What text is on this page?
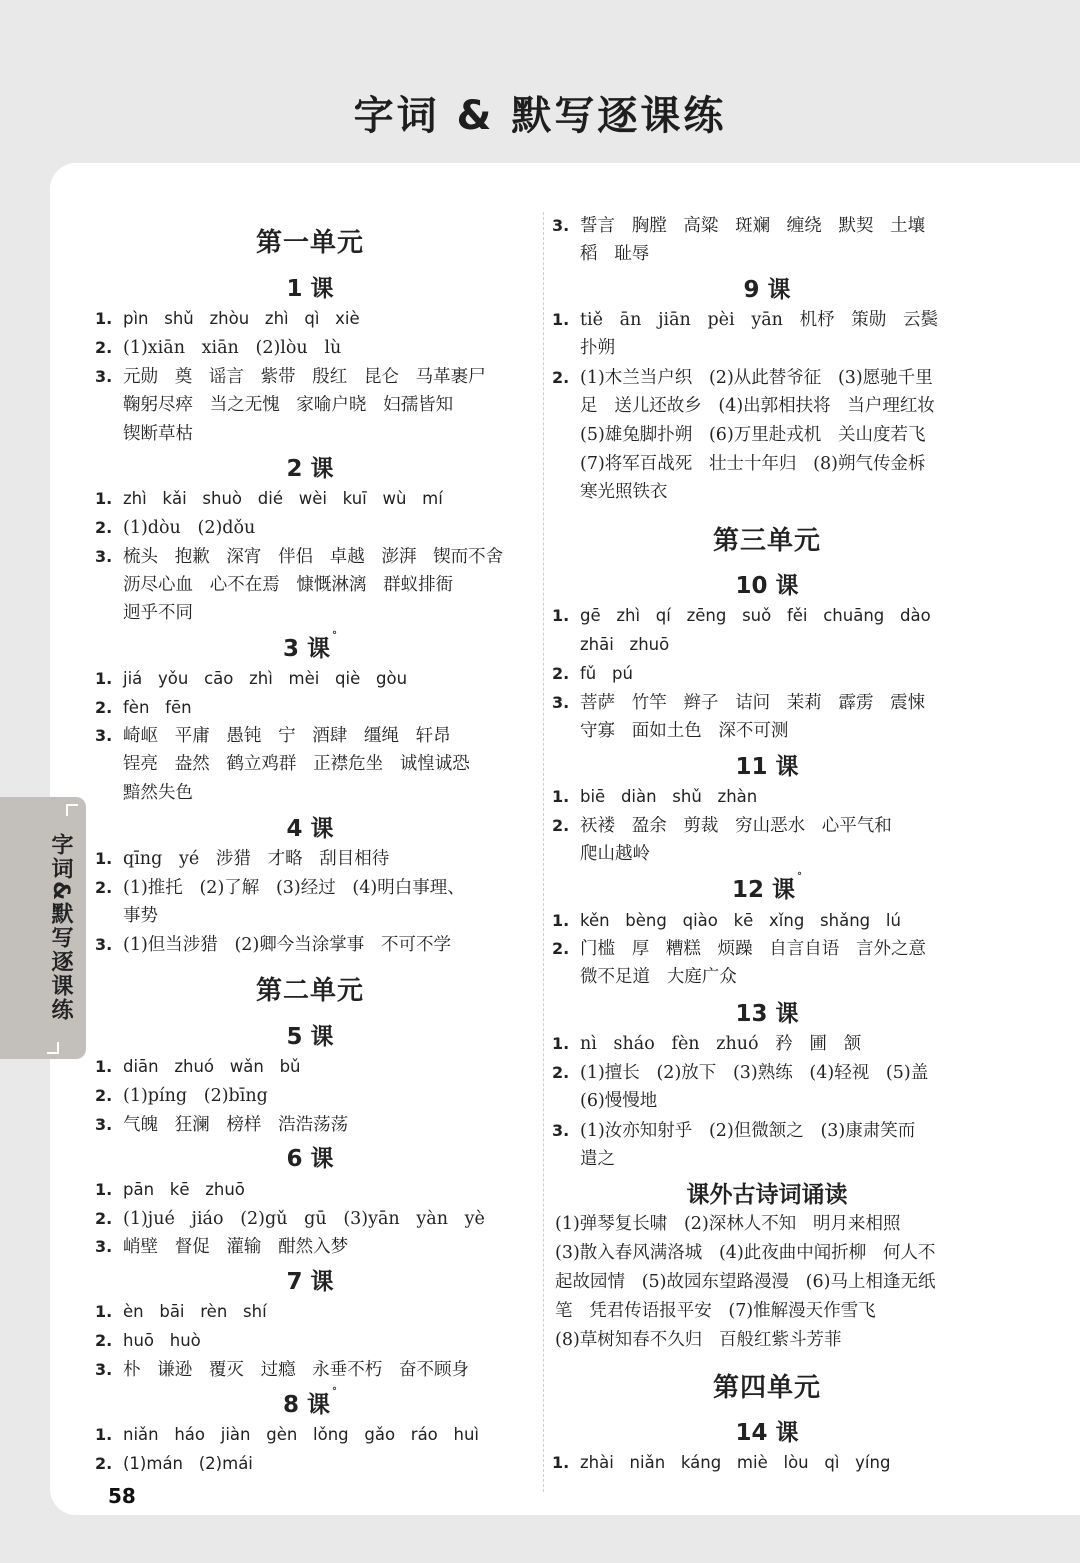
字词 & 默写逐课练
字词&默写逐课练
第一单元
1 课
1. pìn   shǔ   zhòu   zhì   qì   xiè
2. (1)xiān   xiān   (2)lòu   lù
3. 元勋   奠   谣言   紫带   殷红   昆仑   马革裹尸
鞠躬尽瘁   当之无愧   家喻户晓   妇孺皆知
锲断草枯
2 课
1. zhì   kǎi   shuò   dié   wèi   kuī   wù   mí
2. (1)dòu   (2)dǒu
3. 梳头   抱歉   深宵   伴侣   卓越   澎湃   锲而不舍
沥尽心血   心不在焉   慷慨淋漓   群蚁排衙
迥乎不同
3 课°
1. jiá   yǒu   cāo   zhì   mèi   qiè   gòu
2. fèn   fēn
3. 崎岖   平庸   愚钝   宁   酒肆   缰绳   轩昂
锃亮   盎然   鹤立鸡群   正襟危坐   诚惶诚恐
黯然失色
4 课
1. qīng   yé   涉猎   才略   刮目相待
2. (1)推托   (2)了解   (3)经过   (4)明白事理、
事势
3. (1)但当涉猎   (2)卿今当涂掌事   不可不学
第二单元
5 课
1. diān   zhuó   wǎn   bǔ
2. (1)píng   (2)bīng
3. 气魄   狂澜   榜样   浩浩荡荡
6 课
1. pān   kē   zhuō
2. (1)jué   jiáo   (2)gǔ   gū   (3)yān   yàn   yè
3. 峭壁   督促   灌输   酣然入梦
7 课
1. èn   bāi   rèn   shí
2. huō   huò
3. 朴   谦逊   覆灭   过瘾   永垂不朽   奋不顾身
8 课°
1. niǎn   háo   jiàn   gèn   lǒng   gǎo   ráo   huì
2. (1)mán   (2)mái
3. 誓言   胸膛   高粱   斑斓   缠绕   默契   土壤
稻   耻辱
9 课
1. tiě   ān   jiān   pèi   yān   机杼   策勋   云鬓
扑朔
2. (1)木兰当户织   (2)从此替爷征   (3)愿驰千里
足   送儿还故乡   (4)出郭相扶将   当户理红妆
(5)雄兔脚扑朔   (6)万里赴戎机   关山度若飞
(7)将军百战死   壮士十年归   (8)朔气传金柝
寒光照铁衣
第三单元
10 课
1. gē   zhì   qí   zēng   suǒ   fěi   chuāng   dào
zhāi   zhuō
2. fǔ   pú
3. 菩萨   竹竿   辫子   诘问   茉莉   霹雳   震悚
守寡   面如土色   深不可测
11 课
1. biē   diàn   shǔ   zhàn
2. 祆褛   盈余   剪裁   穷山恶水   心平气和
爬山越岭
12 课°
1. kěn   bèng   qiào   kē   xǐng   shǎng   lú
2. 门槛   厚   糟糕   烦躁   自言自语   言外之意
微不足道   大庭广众
13 课
1. nì   sháo   fèn   zhuó   矜   圃   颔
2. (1)擅长   (2)放下   (3)熟练   (4)轻视   (5)盖
(6)慢慢地
3. (1)汝亦知射乎   (2)但微颔之   (3)康肃笑而
遣之
课外古诗词诵读
(1)弹琴复长啸   (2)深林人不知   明月来相照
(3)散入春风满洛城   (4)此夜曲中闻折柳   何人不
起故园情   (5)故园东望路漫漫   (6)马上相逢无纸
笔   凭君传语报平安   (7)惟解漫天作雪飞
(8)草树知春不久归   百般红紫斗芳菲
第四单元
14 课
1. zhài   niǎn   káng   miè   lòu   qì   yíng
58
